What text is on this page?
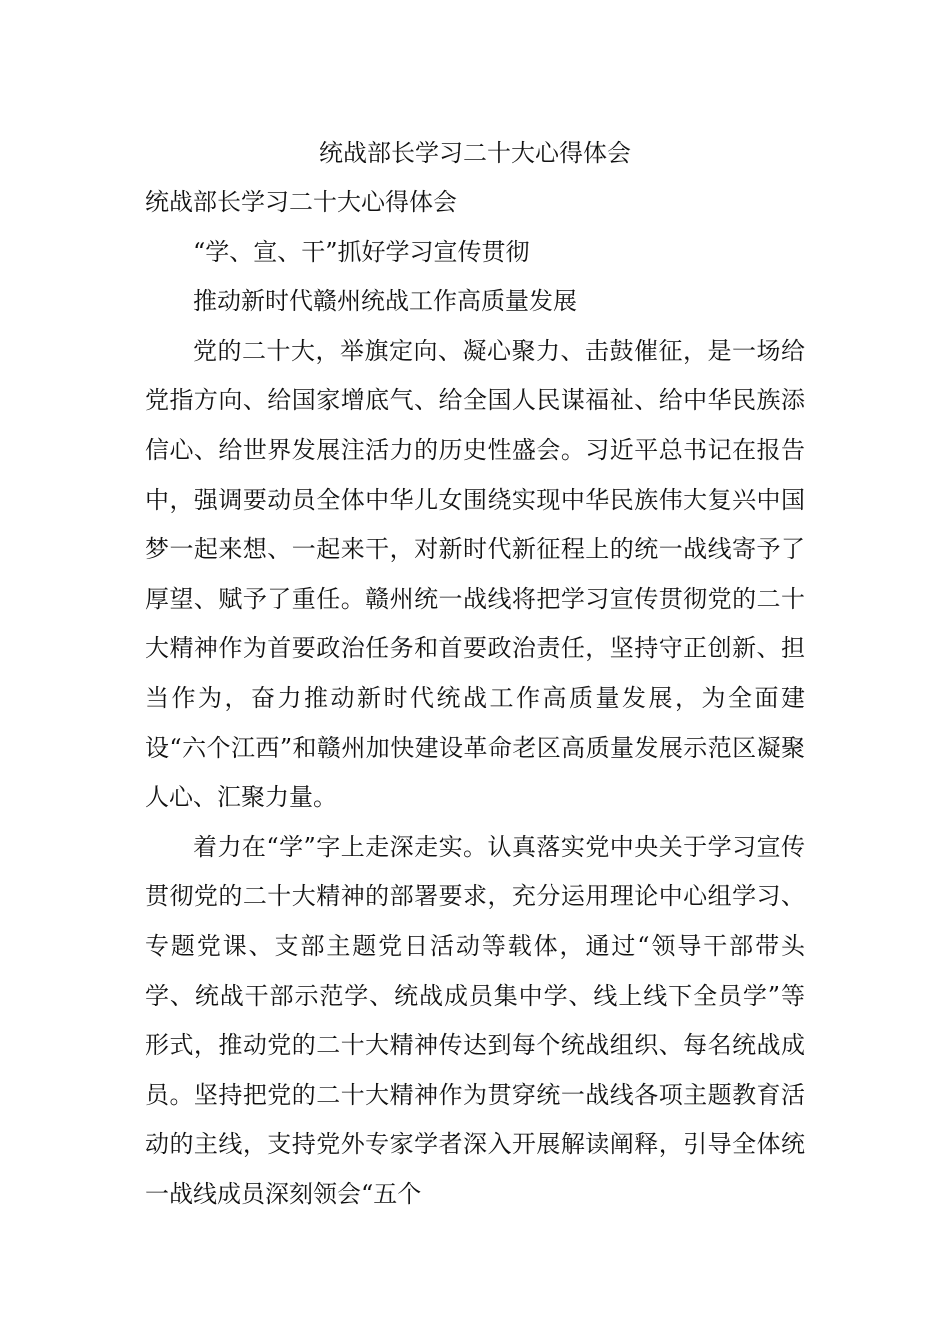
统战部长学习二十大心得体会

统战部长学习二十大心得体会

“学、宣、干”抓好学习宣传贯彻

推动新时代赣州统战工作高质量发展

党的二十大，举旗定向、凝心聚力、击鼓催征，是一场给党指方向、给国家增底气、给全国人民谋福祉、给中华民族添信心、给世界发展注活力的历史性盛会。习近平总书记在报告中，强调要动员全体中华儿女围绕实现中华民族伟大复兴中国梦一起来想、一起来干，对新时代新征程上的统一战线寄予了厚望、赋予了重任。赣州统一战线将把学习宣传贯彻党的二十大精神作为首要政治任务和首要政治责任，坚持守正创新、担当作为，奋力推动新时代统战工作高质量发展，为全面建设“六个江西”和赣州加快建设革命老区高质量发展示范区凝聚人心、汇聚力量。

着力在“学”字上走深走实。认真落实党中央关于学习宣传贯彻党的二十大精神的部署要求，充分运用理论中心组学习、专题党课、支部主题党日活动等载体，通过“领导干部带头学、统战干部示范学、统战成员集中学、线上线下全员学”等形式，推动党的二十大精神传达到每个统战组织、每名统战成员。坚持把党的二十大精神作为贯穿统一战线各项主题教育活动的主线，支持党外专家学者深入开展解读阐释，引导全体统一战线成员深刻领会“五个
